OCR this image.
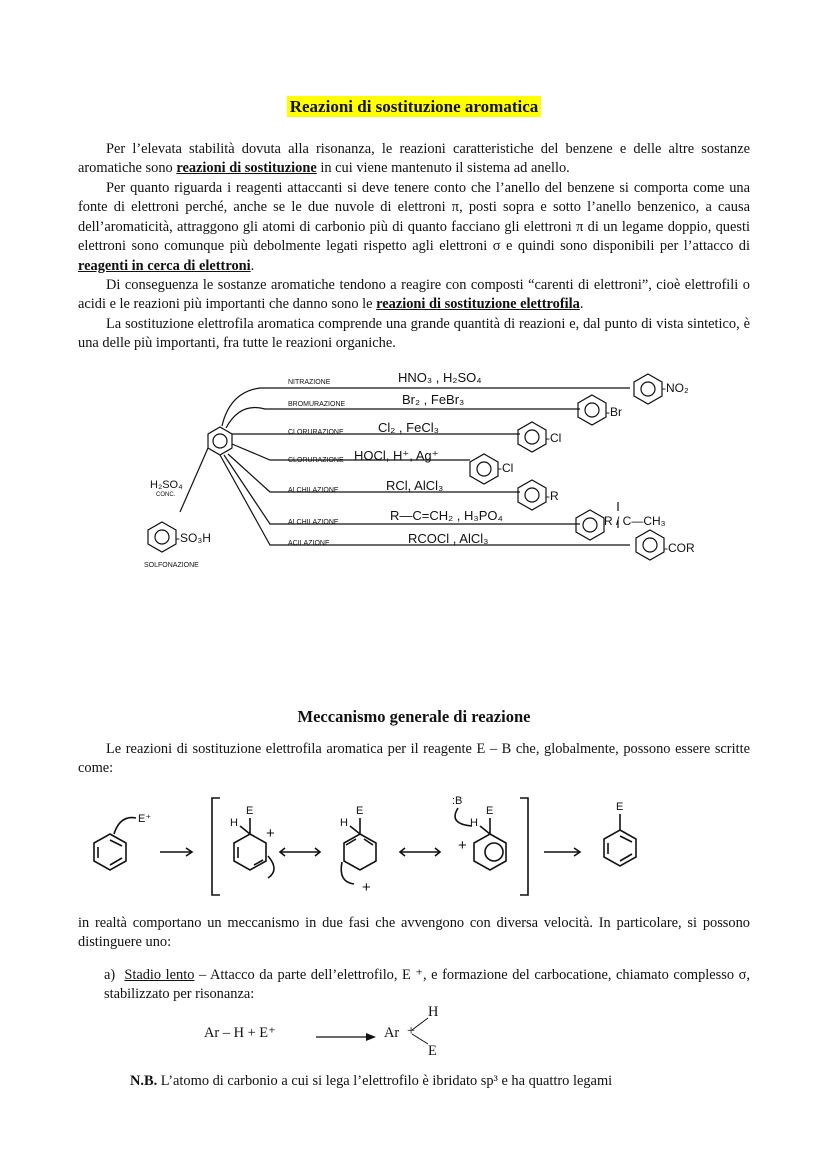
Reazioni di sostituzione aromatica
Per l’elevata stabilità dovuta alla risonanza, le reazioni caratteristiche del benzene e delle altre sostanze aromatiche sono reazioni di sostituzione in cui viene mantenuto il sistema ad anello.
Per quanto riguarda i reagenti attaccanti si deve tenere conto che l’anello del benzene si comporta come una fonte di elettroni perché, anche se le due nuvole di elettroni π, posti sopra e sotto l’anello benzenico, a causa dell’aromaticità, attraggono gli atomi di carbonio più di quanto facciano gli elettroni π di un legame doppio, questi elettroni sono comunque più debolmente legati rispetto agli elettroni σ e quindi sono disponibili per l’attacco di reagenti in cerca di elettroni.
Di conseguenza le sostanze aromatiche tendono a reagire con composti “carenti di elettroni”, cioè elettrofili o acidi e le reazioni più importanti che danno sono le reazioni di sostituzione elettrofila.
La sostituzione elettrofila aromatica comprende una grande quantità di reazioni e, dal punto di vista sintetico, è una delle più importanti, fra tutte le reazioni organiche.
NITRAZIONE	HNO₃ , H₂SO₄
-NO₂
BROMURAZIONE	Br₂ , FeBr₃
-Br
CLORURAZIONE	Cl₂ , FeCl₃
-Cl
CLORURAZIONE HOCl, H⁺, Ag⁺
-Cl
ALCHILAZIONE	RCl, AlCl₃
-R
ALCHILAZIONE	R—C=CH₂ , H₃PO₄	R / C—CH₃
ACILAZIONE	RCOCl , AlCl₃
-COR
H₂SO₄
CONC.
-SO₃H
SOLFONAZIONE
Meccanismo generale di reazione
Le reazioni di sostituzione elettrofila aromatica per il reagente E – B che, globalmente, possono essere scritte come:
E⁺
E
H
+
E
H
+
:B
E
H
+
E
in realtà comportano un meccanismo in due fasi che avvengono con diversa velocità. In particolare, si possono distinguere uno:
a) Stadio lento – Attacco da parte dell’elettrofilo, E ⁺, e formazione del carbocatione, chiamato complesso σ, stabilizzato per risonanza:
Ar – H + E⁺	Ar +
H
E
N.B. L’atomo di carbonio a cui si lega l’elettrofilo è ibridato sp³ e ha quattro legami
